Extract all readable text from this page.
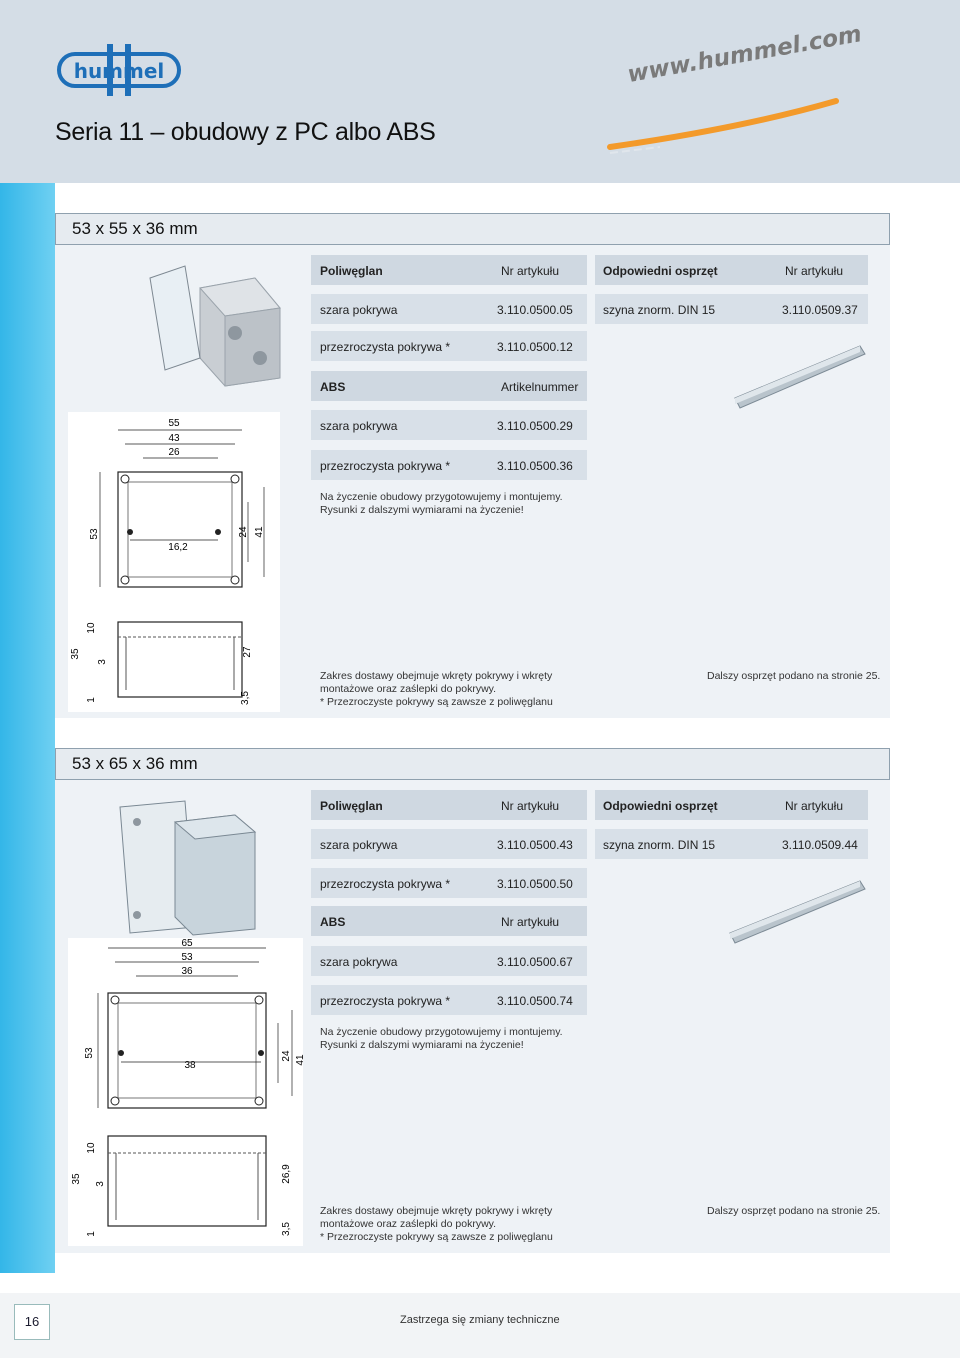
hummel
Seria 11 – obudowy z PC albo ABS
www.hummel.com
53 x 55 x 36 mm
55
43
26
53
16,2
24 41
10
35
3
27
1	3,5
Poliwęglan	Nr artykułu	Odpowiedni osprzęt	Nr artykułu
szara pokrywa	3.110.0500.05	szyna znorm. DIN 15	3.110.0509.37
przezroczysta pokrywa *	3.110.0500.12
ABS	Artikelnummer
szara pokrywa	3.110.0500.29
przezroczysta pokrywa *	3.110.0500.36
Na życzenie obudowy przygotowujemy i montujemy.
Rysunki z dalszymi wymiarami na życzenie!
Zakres dostawy obejmuje wkręty pokrywy i wkręty
montażowe oraz zaślepki do pokrywy.
* Przezroczyste pokrywy są zawsze z poliwęglanu
Dalszy osprzęt podano na stronie 25.
53 x 65 x 36 mm
65
53
36
53
38
24 41
10
35 3
26,9
1	3,5
Poliwęglan	Nr artykułu	Odpowiedni osprzęt	Nr artykułu
szara pokrywa	3.110.0500.43	szyna znorm. DIN 15	3.110.0509.44
przezroczysta pokrywa *	3.110.0500.50
ABS	Nr artykułu
szara pokrywa	3.110.0500.67
przezroczysta pokrywa *	3.110.0500.74
Na życzenie obudowy przygotowujemy i montujemy.
Rysunki z dalszymi wymiarami na życzenie!
Zakres dostawy obejmuje wkręty pokrywy i wkręty
montażowe oraz zaślepki do pokrywy.
* Przezroczyste pokrywy są zawsze z poliwęglanu
Dalszy osprzęt podano na stronie 25.
16	Zastrzega się zmiany techniczne
